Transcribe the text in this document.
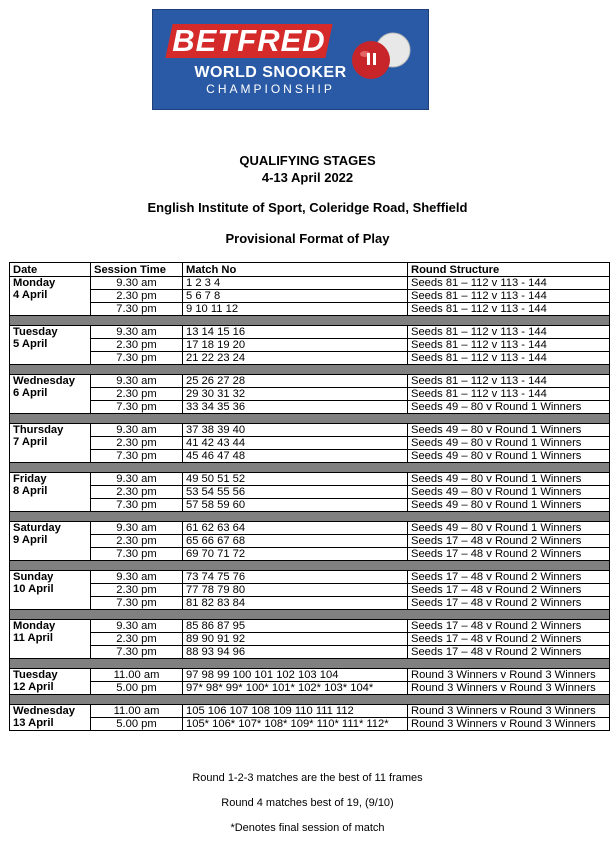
BETFRED
WORLD SNOOKER
CHAMPIONSHIP
QUALIFYING STAGES
4-13 April 2022
English Institute of Sport, Coleridge Road, Sheffield
Provisional Format of Play
Date	Session Time	Match No	Round Structure

Monday
4 April	9.30 am	1 2 3 4	Seeds 81 – 112 v 113 - 144
	2.30 pm	5 6 7 8	Seeds 81 – 112 v 113 - 144
	7.30 pm	9 10 11 12	Seeds 81 – 112 v 113 - 144

Tuesday
5 April	9.30 am	13 14 15 16	Seeds 81 – 112 v 113 - 144
	2.30 pm	17 18 19 20	Seeds 81 – 112 v 113 - 144
	7.30 pm	21 22 23 24	Seeds 81 – 112 v 113 - 144

Wednesday
6 April	9.30 am	25 26 27 28	Seeds 81 – 112 v 113 - 144
	2.30 pm	29 30 31 32	Seeds 81 – 112 v 113 - 144
	7.30 pm	33 34 35 36	Seeds 49 – 80 v Round 1 Winners

Thursday
7 April	9.30 am	37 38 39 40	Seeds 49 – 80 v Round 1 Winners
	2.30 pm	41 42 43 44	Seeds 49 – 80 v Round 1 Winners
	7.30 pm	45 46 47 48	Seeds 49 – 80 v Round 1 Winners

Friday
8 April	9.30 am	49 50 51 52	Seeds 49 – 80 v Round 1 Winners
	2.30 pm	53 54 55 56	Seeds 49 – 80 v Round 1 Winners
	7.30 pm	57 58 59 60	Seeds 49 – 80 v Round 1 Winners

Saturday
9 April	9.30 am	61 62 63 64	Seeds 49 – 80 v Round 1 Winners
	2.30 pm	65 66 67 68	Seeds 17 – 48 v Round 2 Winners
	7.30 pm	69 70 71 72	Seeds 17 – 48 v Round 2 Winners

Sunday
10 April	9.30 am	73 74 75 76	Seeds 17 – 48 v Round 2 Winners
	2.30 pm	77 78 79 80	Seeds 17 – 48 v Round 2 Winners
	7.30 pm	81 82 83 84	Seeds 17 – 48 v Round 2 Winners

Monday
11 April	9.30 am	85 86 87 95	Seeds 17 – 48 v Round 2 Winners
	2.30 pm	89 90 91 92	Seeds 17 – 48 v Round 2 Winners
	7.30 pm	88 93 94 96	Seeds 17 – 48 v Round 2 Winners

Tuesday
12 April	11.00 am	97 98 99 100 101 102 103 104	Round 3 Winners v Round 3 Winners
	5.00 pm	97* 98* 99* 100* 101* 102* 103* 104*	Round 3 Winners v Round 3 Winners

Wednesday
13 April	11.00 am	105 106 107 108 109 110 111 112	Round 3 Winners v Round 3 Winners
	5.00 pm	105* 106* 107* 108* 109* 110* 111* 112*	Round 3 Winners v Round 3 Winners
Round 1-2-3 matches are the best of 11 frames
Round 4 matches best of 19, (9/10)
*Denotes final session of match
